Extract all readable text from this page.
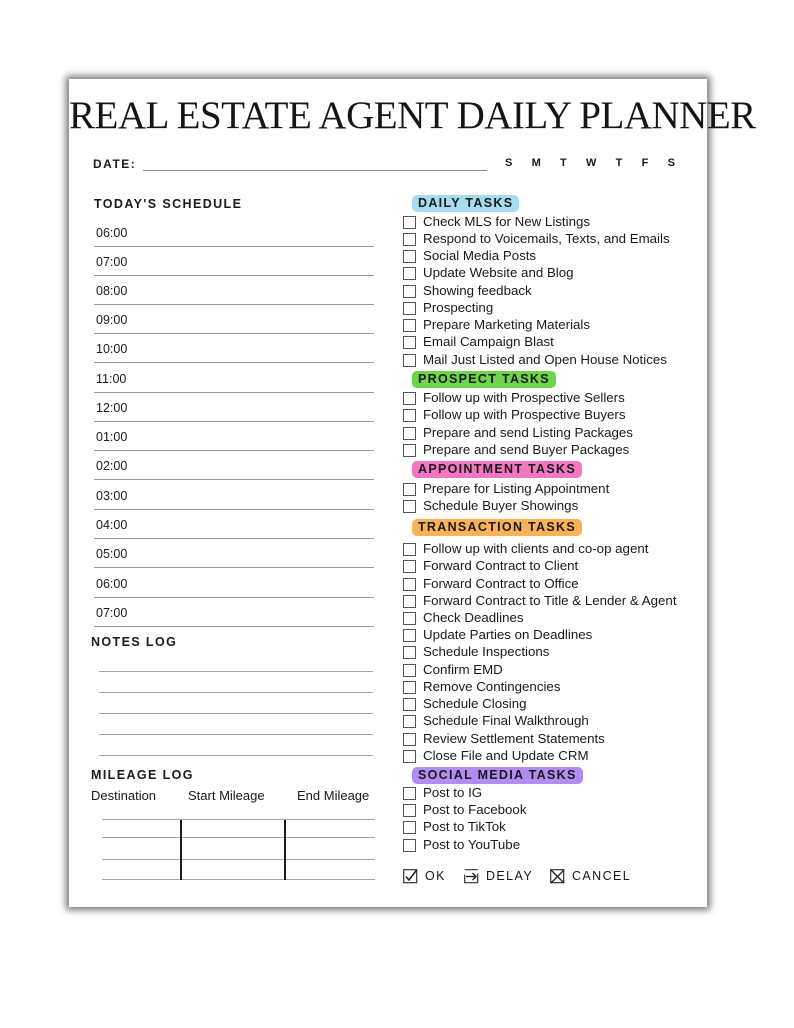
REAL ESTATE AGENT DAILY PLANNER
DATE:	S M T W T F S
TODAY'S SCHEDULE
06:00
07:00
08:00
09:00
10:00
11:00
12:00
01:00
02:00
03:00
04:00
05:00
06:00
07:00
NOTES LOG
MILEAGE LOG
Destination Start Mileage End Mileage
DAILY TASKS
Check MLS for New Listings
Respond to Voicemails, Texts, and Emails
Social Media Posts
Update Website and Blog
Showing feedback
Prospecting
Prepare Marketing Materials
Email Campaign Blast
Mail Just Listed and Open House Notices
PROSPECT TASKS
Follow up with Prospective Sellers
Follow up with Prospective Buyers
Prepare and send Listing Packages
Prepare and send Buyer Packages
APPOINTMENT TASKS
Prepare for Listing Appointment
Schedule Buyer Showings
TRANSACTION TASKS
Follow up with clients and co-op agent
Forward Contract to Client
Forward Contract to Office
Forward Contract to Title & Lender & Agent
Check Deadlines
Update Parties on Deadlines
Schedule Inspections
Confirm EMD
Remove Contingencies
Schedule Closing
Schedule Final Walkthrough
Review Settlement Statements
Close File and Update CRM
SOCIAL MEDIA TASKS
Post to IG
Post to Facebook
Post to TikTok
Post to YouTube
OK	DELAY	CANCEL
